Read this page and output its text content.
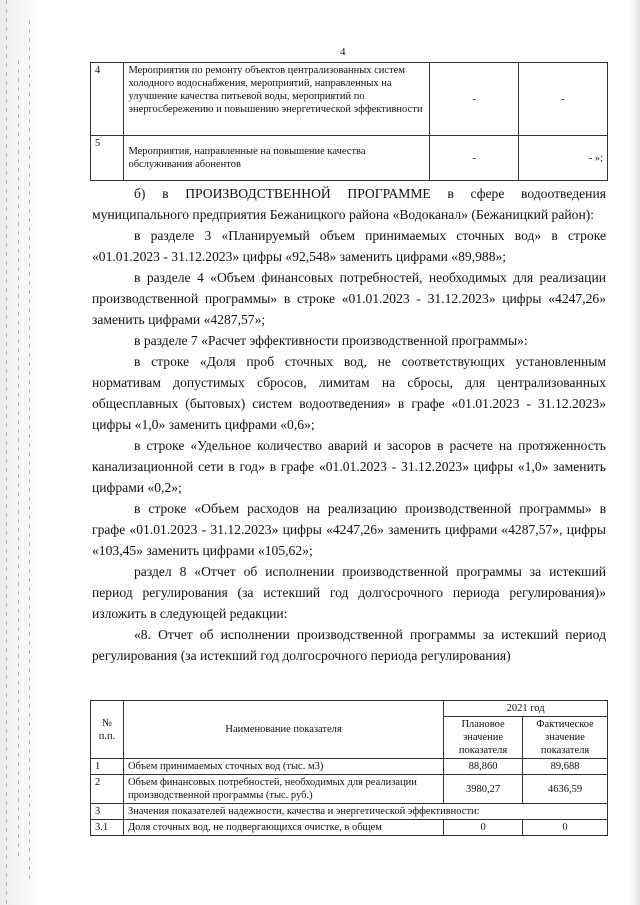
4
4	Мероприятия по ремонту объектов централизованных систем холодного водоснабжения, мероприятий, направленных на улучшение качества питьевой воды, мероприятий по энергосбережению и повышению энергетической эффективности	-	-
5	Мероприятия, направленные на повышение качества обслуживания абонентов	-	- »;

б) в ПРОИЗВОДСТВЕННОЙ ПРОГРАММЕ в сфере водоотведения муниципального предприятия Бежаницкого района «Водоканал» (Бежаницкий район):

в разделе 3 «Планируемый объем принимаемых сточных вод» в строке «01.01.2023 - 31.12.2023» цифры «92,548» заменить цифрами «89,988»;

в разделе 4 «Объем финансовых потребностей, необходимых для реализации производственной программы» в строке «01.01.2023 - 31.12.2023» цифры «4247,26» заменить цифрами «4287,57»;

в разделе 7 «Расчет эффективности производственной программы»:

в строке «Доля проб сточных вод, не соответствующих установленным нормативам допустимых сбросов, лимитам на сбросы, для централизованных общесплавных (бытовых) систем водоотведения» в графе «01.01.2023 - 31.12.2023» цифры «1,0» заменить цифрами «0,6»;

в строке «Удельное количество аварий и засоров в расчете на протяженность канализационной сети в год» в графе «01.01.2023 - 31.12.2023» цифры «1,0» заменить цифрами «0,2»;

в строке «Объем расходов на реализацию производственной программы» в графе «01.01.2023 - 31.12.2023» цифры «4247,26» заменить цифрами «4287,57», цифры «103,45» заменить цифрами «105,62»;

раздел 8 «Отчет об исполнении производственной программы за истекший период регулирования (за истекший год долгосрочного периода регулирования)» изложить в следующей редакции:

«8. Отчет об исполнении производственной программы за истекший период регулирования (за истекший год долгосрочного периода регулирования)

№ п.п.	Наименование показателя	2021 год	
		Плановое значение показателя	Фактическое значение показателя
1	Объем принимаемых сточных вод (тыс. м3)	88,860	89,688
2	Объем финансовых потребностей, необходимых для реализации производственной программы (тыс. руб.)	3980,27	4636,59
3	Значения показателей надежности, качества и энергетической эффективности:		
3.1	Доля сточных вод, не подвергающихся очистке, в общем	0	0
